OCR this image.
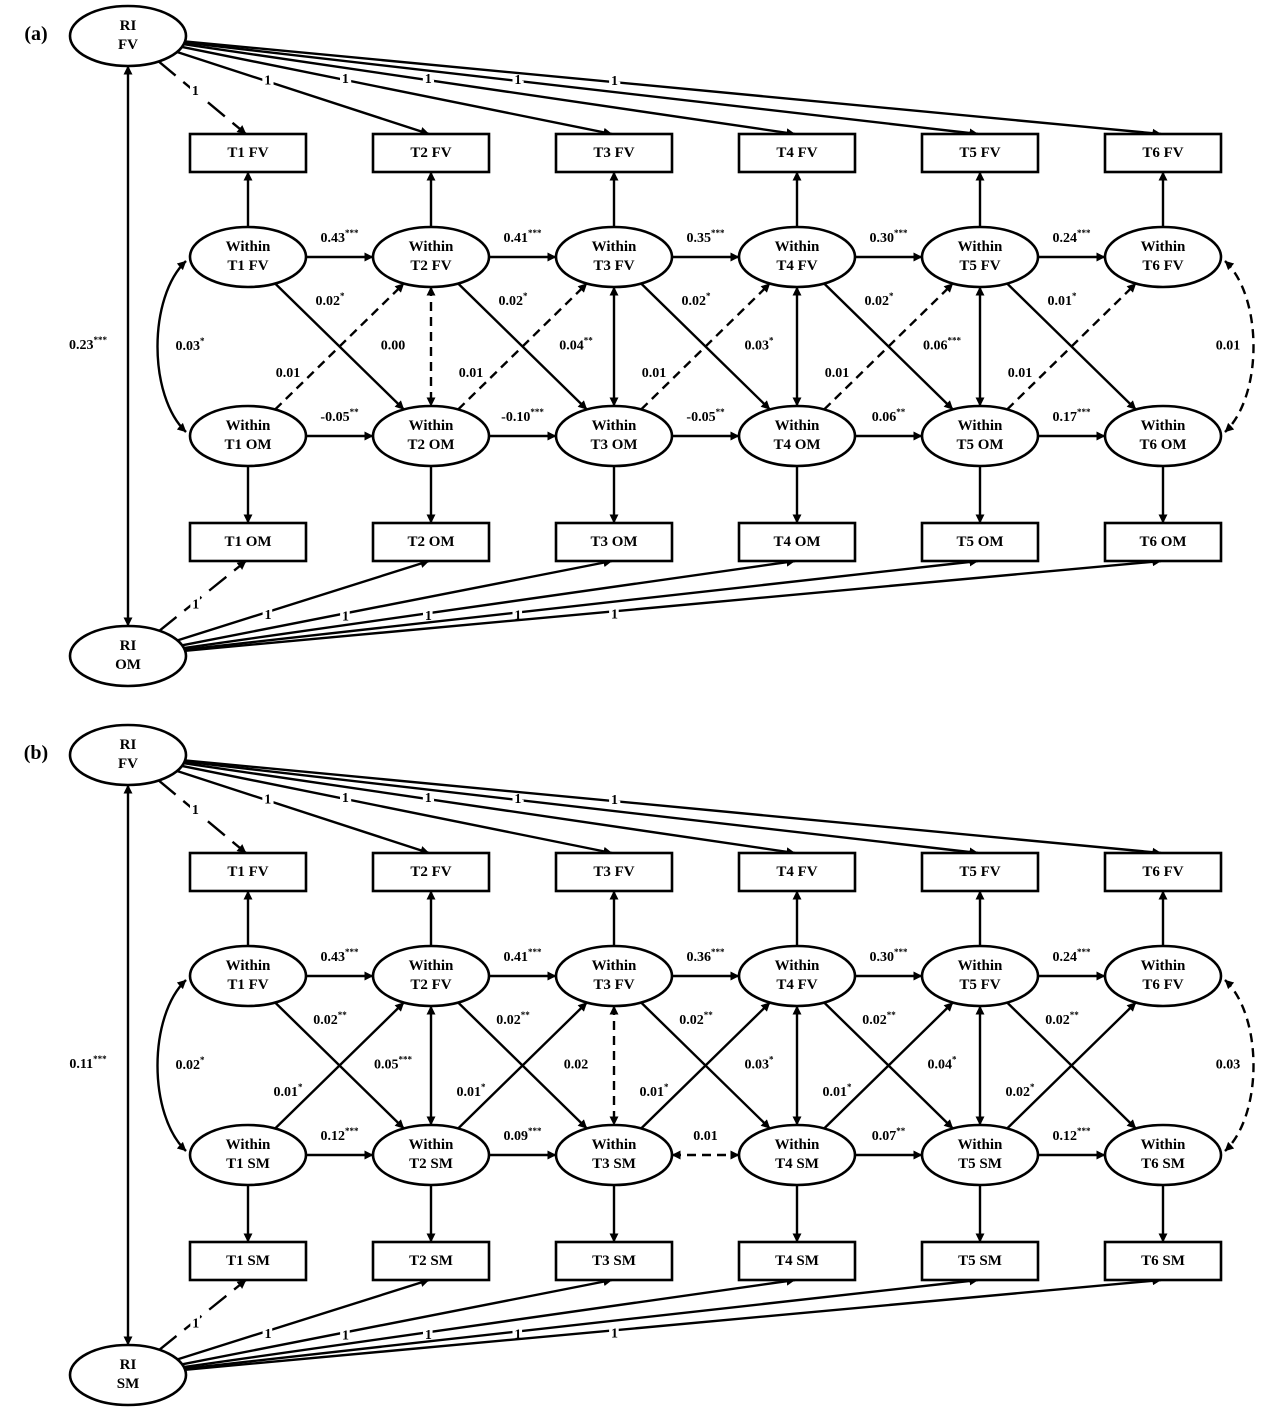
(a)
1
1
1
1
1
1
1
1
1
1
1
1
0.23***
0.43***
-0.05**
0.41***
-0.10***
0.35***
-0.05**
0.30***
0.06**
0.24***
0.17***
0.02*
0.01
0.02*
0.01
0.02*
0.01
0.02*
0.01
0.01*
0.01
0.03*	0.00	0.04**	0.03*	0.06***	0.01
RI
FV
RI
OM
T1 FV
T1 OM
Within
T1 FV
Within
T1 OM
T2 FV
T2 OM
Within
T2 FV
Within
T2 OM
T3 FV
T3 OM
Within
T3 FV
Within
T3 OM
T4 FV
T4 OM
Within
T4 FV
Within
T4 OM
T5 FV
T5 OM
Within
T5 FV
Within
T5 OM
T6 FV
T6 OM
Within
T6 FV
Within
T6 OM
(b)
1
1
1
1
1
1
1
1
1
1
1
1
0.11***
0.43***
0.12***
0.41***
0.09***
0.36***
0.01
0.30***
0.07**
0.24***
0.12***
0.02**
0.01*
0.02**
0.01*
0.02**
0.01*
0.02**
0.01*
0.02**
0.02*
0.02*	0.05***	0.02	0.03*	0.04*	0.03
RI
FV
RI
SM
T1 FV
T1 SM
Within
T1 FV
Within
T1 SM
T2 FV
T2 SM
Within
T2 FV
Within
T2 SM
T3 FV
T3 SM
Within
T3 FV
Within
T3 SM
T4 FV
T4 SM
Within
T4 FV
Within
T4 SM
T5 FV
T5 SM
Within
T5 FV
Within
T5 SM
T6 FV
T6 SM
Within
T6 FV
Within
T6 SM
